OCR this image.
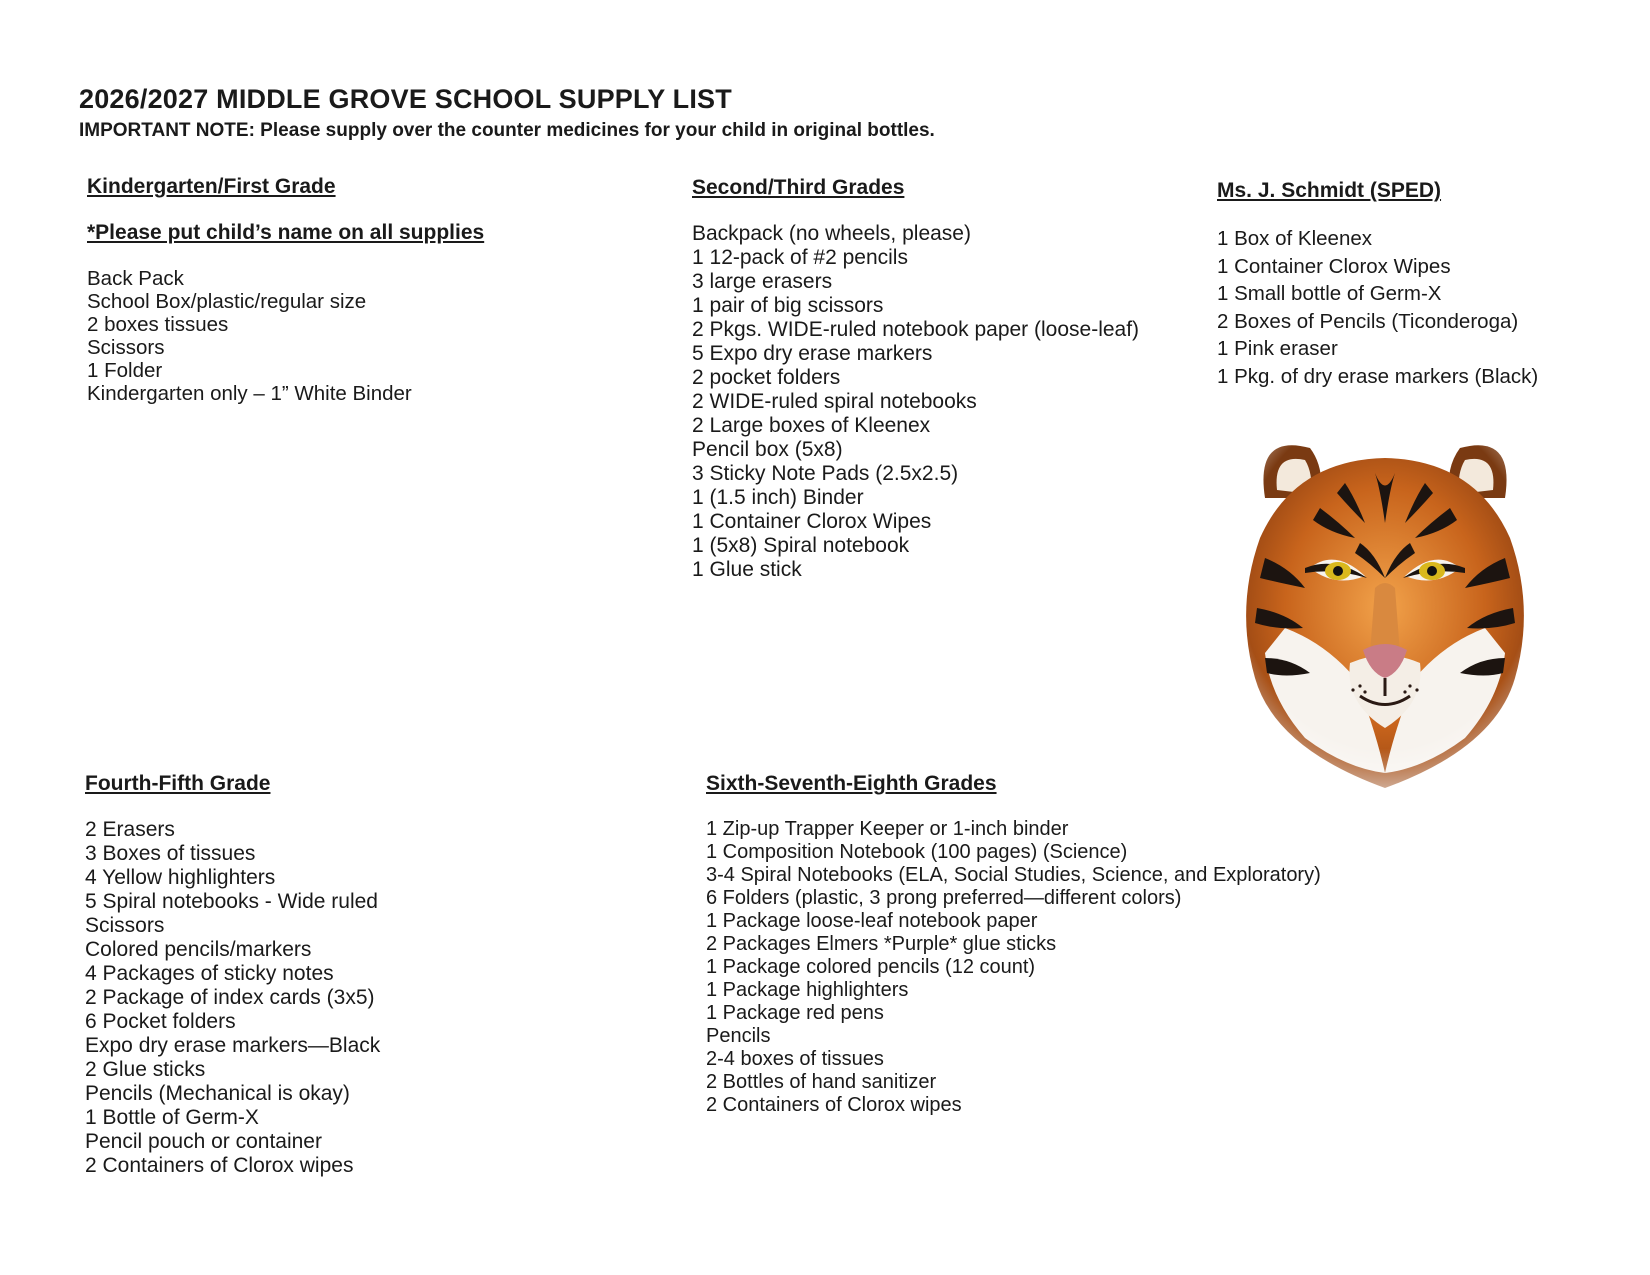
2026/2027 MIDDLE GROVE SCHOOL SUPPLY LIST
IMPORTANT NOTE: Please supply over the counter medicines for your child in original bottles.
Kindergarten/First Grade
*Please put child’s name on all supplies
Back Pack
School Box/plastic/regular size
2 boxes tissues
Scissors
1 Folder
Kindergarten only – 1” White Binder
Second/Third Grades
Backpack (no wheels, please)
1 12-pack of #2 pencils
3 large erasers
1 pair of big scissors
2 Pkgs. WIDE-ruled notebook paper (loose-leaf)
5 Expo dry erase markers
2 pocket folders
2 WIDE-ruled spiral notebooks
2 Large boxes of Kleenex
Pencil box (5x8)
3 Sticky Note Pads (2.5x2.5)
1 (1.5 inch) Binder
1 Container Clorox Wipes
1 (5x8) Spiral notebook
1 Glue stick
Ms. J. Schmidt (SPED)
1 Box of Kleenex
1 Container Clorox Wipes
1 Small bottle of Germ-X
2 Boxes of Pencils (Ticonderoga)
1 Pink eraser
1 Pkg. of dry erase markers (Black)
Fourth-Fifth Grade
2 Erasers
3 Boxes of tissues
4 Yellow highlighters
5 Spiral notebooks - Wide ruled
Scissors
Colored pencils/markers
4 Packages of sticky notes
2 Package of index cards (3x5)
6 Pocket folders
Expo dry erase markers—Black
2 Glue sticks
Pencils (Mechanical is okay)
1 Bottle of Germ-X
Pencil pouch or container
2 Containers of Clorox wipes
Sixth-Seventh-Eighth Grades
1 Zip-up Trapper Keeper or 1-inch binder
1 Composition Notebook (100 pages) (Science)
3-4 Spiral Notebooks (ELA, Social Studies, Science, and Exploratory)
6 Folders (plastic, 3 prong preferred—different colors)
1 Package loose-leaf notebook paper
2 Packages Elmers *Purple* glue sticks
1 Package colored pencils (12 count)
1 Package highlighters
1 Package red pens
Pencils
2-4 boxes of tissues
2 Bottles of hand sanitizer
2 Containers of Clorox wipes
